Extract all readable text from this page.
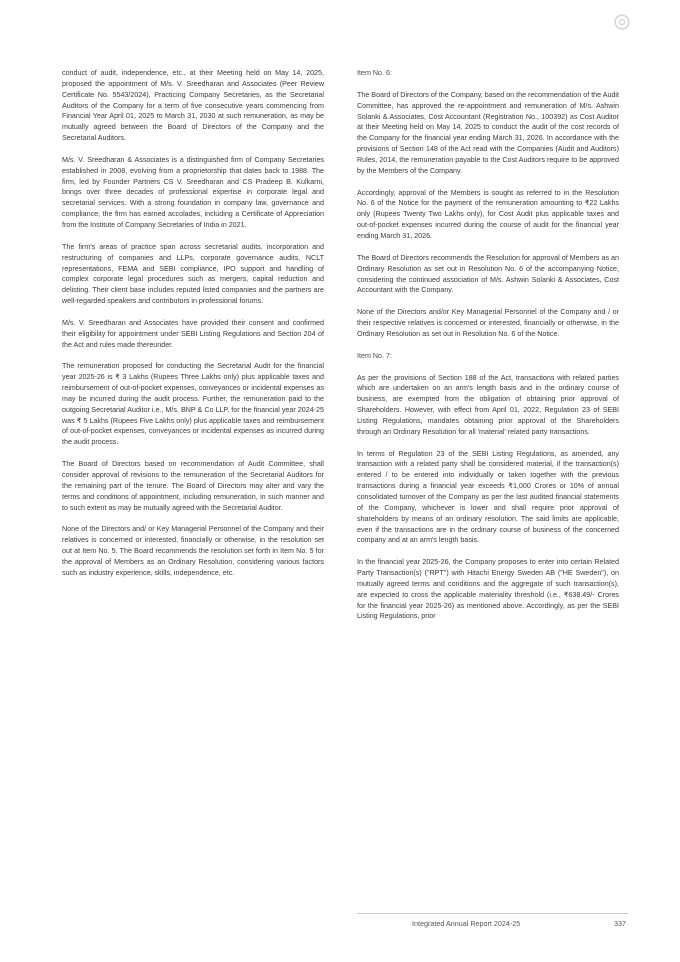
conduct of audit, independence, etc., at their Meeting held on May 14, 2025, proposed the appointment of M/s. V. Sreedharan and Associates (Peer Review Certificate No. 5543/2024), Practicing Company Secretaries, as the Secretarial Auditors of the Company for a term of five consecutive years commencing from Financial Year April 01, 2025 to March 31, 2030 at such remuneration, as may be mutually agreed between the Board of Directors of the Company and the Secretarial Auditors.

M/s. V. Sreedharan & Associates is a distinguished firm of Company Secretaries established in 2008, evolving from a proprietorship that dates back to 1988. The firm, led by Founder Partners CS V. Sreedharan and CS Pradeep B. Kulkarni, brings over three decades of professional expertise in corporate legal and secretarial services. With a strong foundation in company law, governance and compliance, the firm has earned accolades, including a Certificate of Appreciation from the Institute of Company Secretaries of India in 2021.

The firm's areas of practice span across secretarial audits, incorporation and restructuring of companies and LLPs, corporate governance audits, NCLT representations, FEMA and SEBI compliance, IPO support and handling of complex corporate legal procedures such as mergers, capital reduction and delisting. Their client base includes reputed listed companies and the partners are well-regarded speakers and contributors in professional forums.

M/s. V. Sreedharan and Associates have provided their consent and confirmed their eligibility for appointment under SEBI Listing Regulations and Section 204 of the Act and rules made thereunder.

The remuneration proposed for conducting the Secretarial Audit for the financial year 2025-26 is ₹ 3 Lakhs (Rupees Three Lakhs only) plus applicable taxes and reimbursement of out-of-pocket expenses, conveyances or incidental expenses as may be incurred during the audit process. Further, the remuneration paid to the outgoing Secretarial Auditor i.e., M/s. BNP & Co LLP, for the financial year 2024-25 was ₹ 5 Lakhs (Rupees Five Lakhs only) plus applicable taxes and reimbursement of out-of-pocket expenses, conveyances or incidental expenses as incurred during the audit process.

The Board of Directors based on recommendation of Audit Committee, shall consider approval of revisions to the remuneration of the Secretarial Auditors for the remaining part of the tenure. The Board of Directors may alter and vary the terms and conditions of appointment, including remuneration, in such manner and to such extent as may be mutually agreed with the Secretarial Auditor.

None of the Directors and/ or Key Managerial Personnel of the Company and their relatives is concerned or interested, financially or otherwise, in the resolution set out at Item No. 5. The Board recommends the resolution set forth in Item No. 5 for the approval of Members as an Ordinary Resolution, considering various factors such as industry experience, skills, independence, etc.

Item No. 6:

The Board of Directors of the Company, based on the recommendation of the Audit Committee, has approved the re-appointment and remuneration of M/s. Ashwin Solanki & Associates, Cost Accountant (Registration No., 100392) as Cost Auditor at their Meeting held on May 14, 2025 to conduct the audit of the cost records of the Company for the financial year ending March 31, 2026. In accordance with the provisions of Section 148 of the Act read with the Companies (Audit and Auditors) Rules, 2014, the remuneration payable to the Cost Auditors require to be approved by the Members of the Company.

Accordingly, approval of the Members is sought as referred to in the Resolution No. 6 of the Notice for the payment of the remuneration amounting to ₹22 Lakhs only (Rupees Twenty Two Lakhs only), for Cost Audit plus applicable taxes and out-of-pocket expenses incurred during the course of audit for the financial year ending March 31, 2026.

The Board of Directors recommends the Resolution for approval of Members as an Ordinary Resolution as set out in Resolution No. 6 of the accompanying Notice, considering the continued association of M/s. Ashwin Solanki & Associates, Cost Accountant with the Company.

None of the Directors and/or Key Managerial Personnel of the Company and / or their respective relatives is concerned or interested, financially or otherwise, in the Ordinary Resolution as set out in Resolution No. 6 of the Notice.

Item No. 7:

As per the provisions of Section 188 of the Act, transactions with related parties which are undertaken on an arm's length basis and in the ordinary course of business, are exempted from the obligation of obtaining prior approval of Shareholders. However, with effect from April 01, 2022, Regulation 23 of SEBI Listing Regulations, mandates obtaining prior approval of the Shareholders through an Ordinary Resolution for all 'material' related party transactions.

In terms of Regulation 23 of the SEBI Listing Regulations, as amended, any transaction with a related party shall be considered material, if the transaction(s) entered / to be entered into individually or taken together with the previous transactions during a financial year exceeds ₹1,000 Crores or 10% of annual consolidated turnover of the Company as per the last audited financial statements of the Company, whichever is lower and shall require prior approval of shareholders by means of an ordinary resolution. The said limits are applicable, even if the transactions are in the ordinary course of business of the concerned company and at an arm's length basis.

In the financial year 2025-26, the Company proposes to enter into certain Related Party Transaction(s) ("RPT") with Hitachi Energy Sweden AB ("HE Sweden"), on mutually agreed terms and conditions and the aggregate of such transaction(s), are expected to cross the applicable materiality threshold (i.e., ₹638.49/- Crores for the financial year 2025-26) as mentioned above. Accordingly, as per the SEBI Listing Regulations, prior

Integrated Annual Report 2024-25	337
